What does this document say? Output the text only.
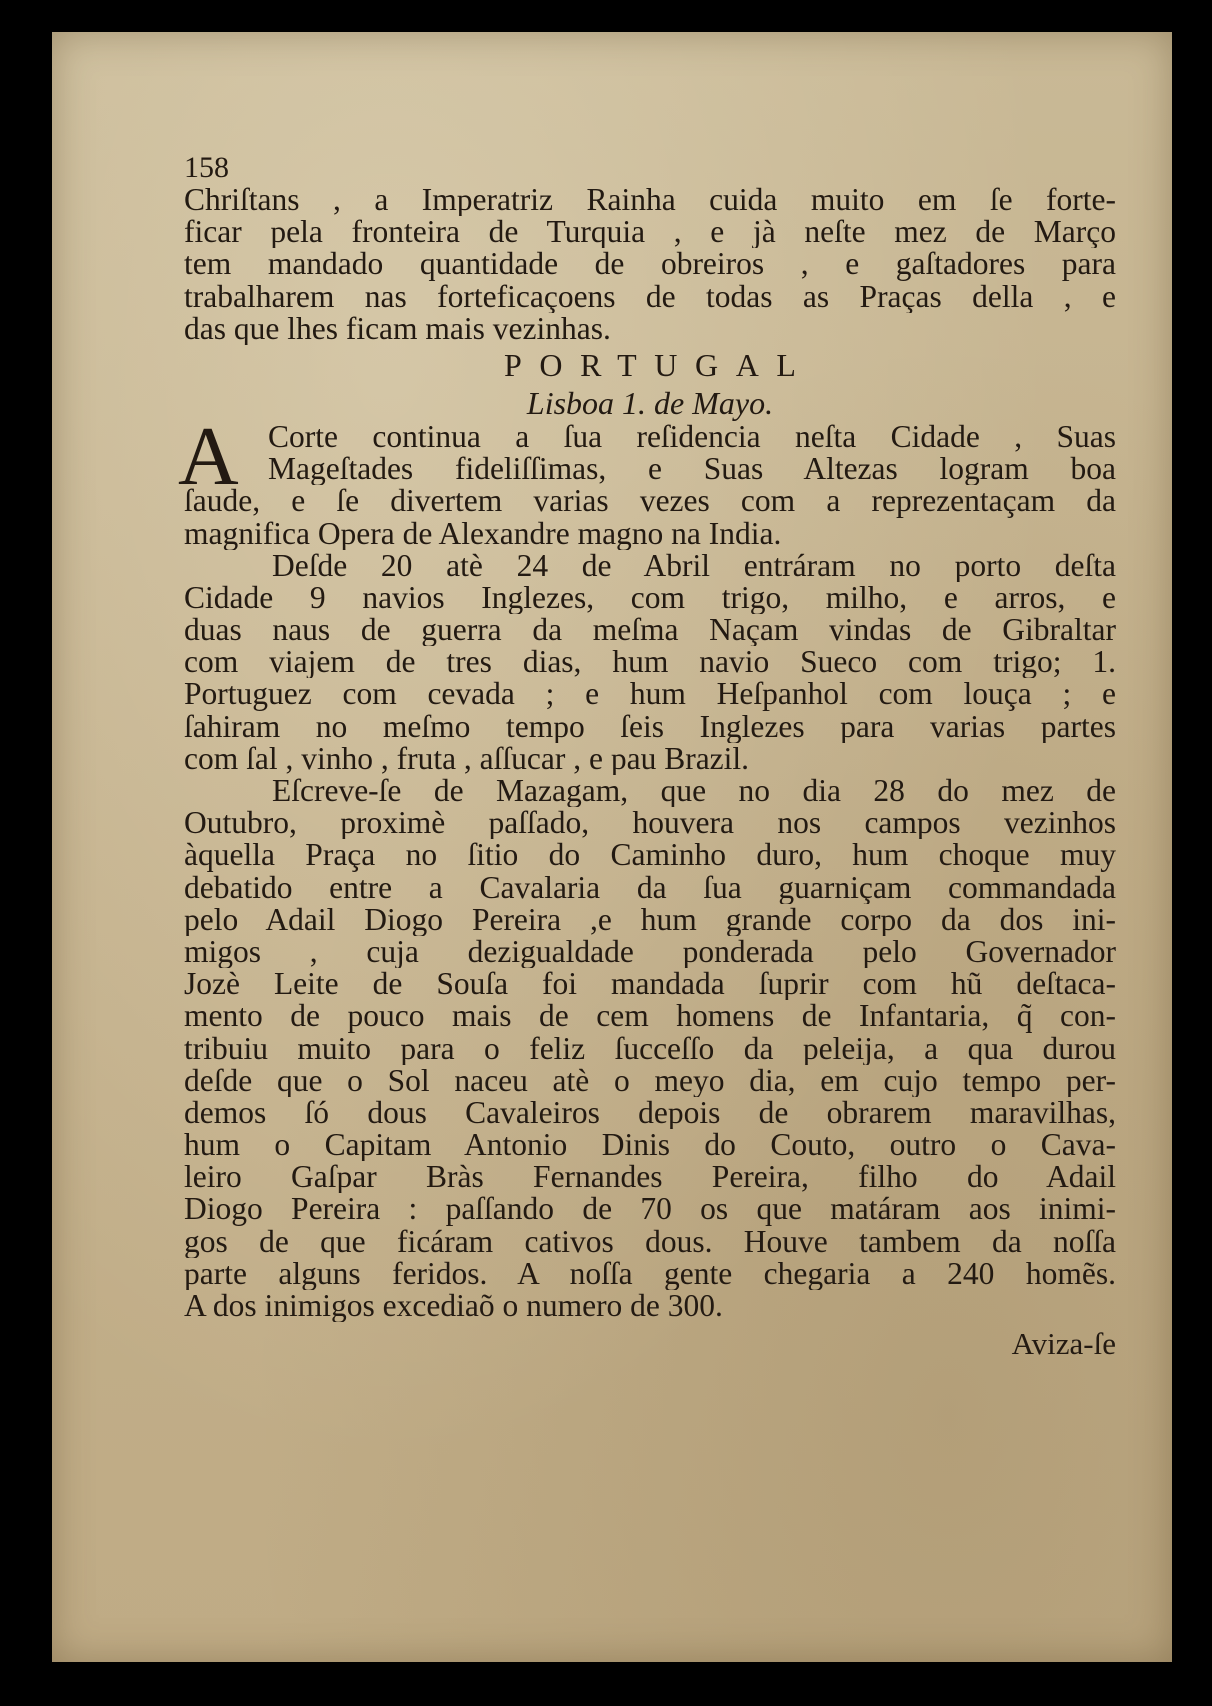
158
Chriſtans , a Imperatriz Rainha cuida muito em ſe forte-
ficar pela fronteira de Turquia , e jà neſte mez de Março
tem mandado quantidade de obreiros , e gaſtadores para
trabalharem nas forteficaçoens de todas as Praças della , e
das que lhes ficam mais vezinhas.
PORTUGAL
Lisboa 1. de Mayo.
A Corte continua a ſua reſidencia neſta Cidade , Suas
Mageſtades fideliſſimas, e Suas Altezas logram boa
ſaude, e ſe divertem varias vezes com a reprezentaçam da
magnifica Opera de Alexandre magno na India.
Deſde 20 atè 24 de Abril entráram no porto deſta
Cidade 9 navios Inglezes, com trigo, milho, e arros, e
duas naus de guerra da meſma Naçam vindas de Gibraltar
com viajem de tres dias, hum navio Sueco com trigo; 1.
Portuguez com cevada ; e hum Heſpanhol com louça ; e
ſahiram no meſmo tempo ſeis Inglezes para varias partes
com ſal , vinho , fruta , aſſucar , e pau Brazil.
Eſcreve-ſe de Mazagam, que no dia 28 do mez de
Outubro, proximè paſſado, houvera nos campos vezinhos
àquella Praça no ſitio do Caminho duro, hum choque muy
debatido entre a Cavalaria da ſua guarniçam commandada
pelo Adail Diogo Pereira ,e hum grande corpo da dos ini-
migos , cuja dezigualdade ponderada pelo Governador
Jozè Leite de Souſa foi mandada ſuprir com hũ deſtaca-
mento de pouco mais de cem homens de Infantaria, q̃ con-
tribuiu muito para o feliz ſucceſſo da peleija, a qua durou
deſde que o Sol naceu atè o meyo dia, em cujo tempo per-
demos ſó dous Cavaleiros depois de obrarem maravilhas,
hum o Capitam Antonio Dinis do Couto, outro o Cava-
leiro Gaſpar Bràs Fernandes Pereira, filho do Adail
Diogo Pereira : paſſando de 70 os que matáram aos inimi-
gos de que ficáram cativos dous. Houve tambem da noſſa
parte alguns feridos. A noſſa gente chegaria a 240 homẽs.
A dos inimigos excediaõ o numero de 300.
Aviza-ſe
